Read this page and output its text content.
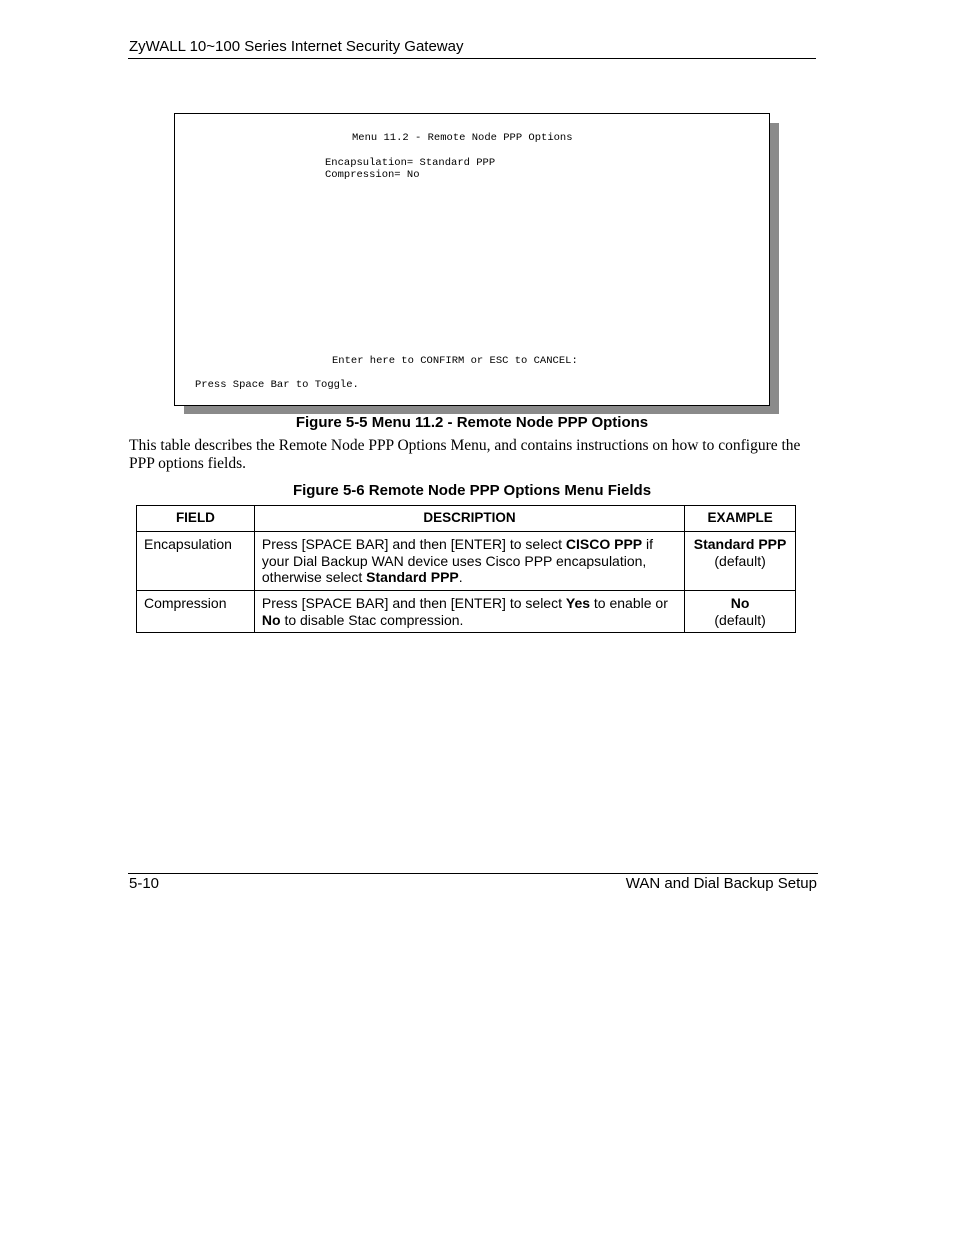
ZyWALL 10~100 Series Internet Security Gateway
Menu 11.2 - Remote Node PPP Options
Encapsulation= Standard PPP
Compression= No
Enter here to CONFIRM or ESC to CANCEL:
Press Space Bar to Toggle.
Figure 5-5 Menu 11.2 - Remote Node PPP Options
This table describes the Remote Node PPP Options Menu, and contains instructions on how to configure the PPP options fields.
Figure 5-6 Remote Node PPP Options Menu Fields
FIELD	DESCRIPTION	EXAMPLE
Encapsulation	Press [SPACE BAR] and then [ENTER] to select CISCO PPP if your Dial Backup WAN device uses Cisco PPP encapsulation, otherwise select Standard PPP.	Standard PPP
(default)
Compression	Press [SPACE BAR] and then [ENTER] to select Yes to enable or No to disable Stac compression.	No
(default)
5-10	WAN and Dial Backup Setup
